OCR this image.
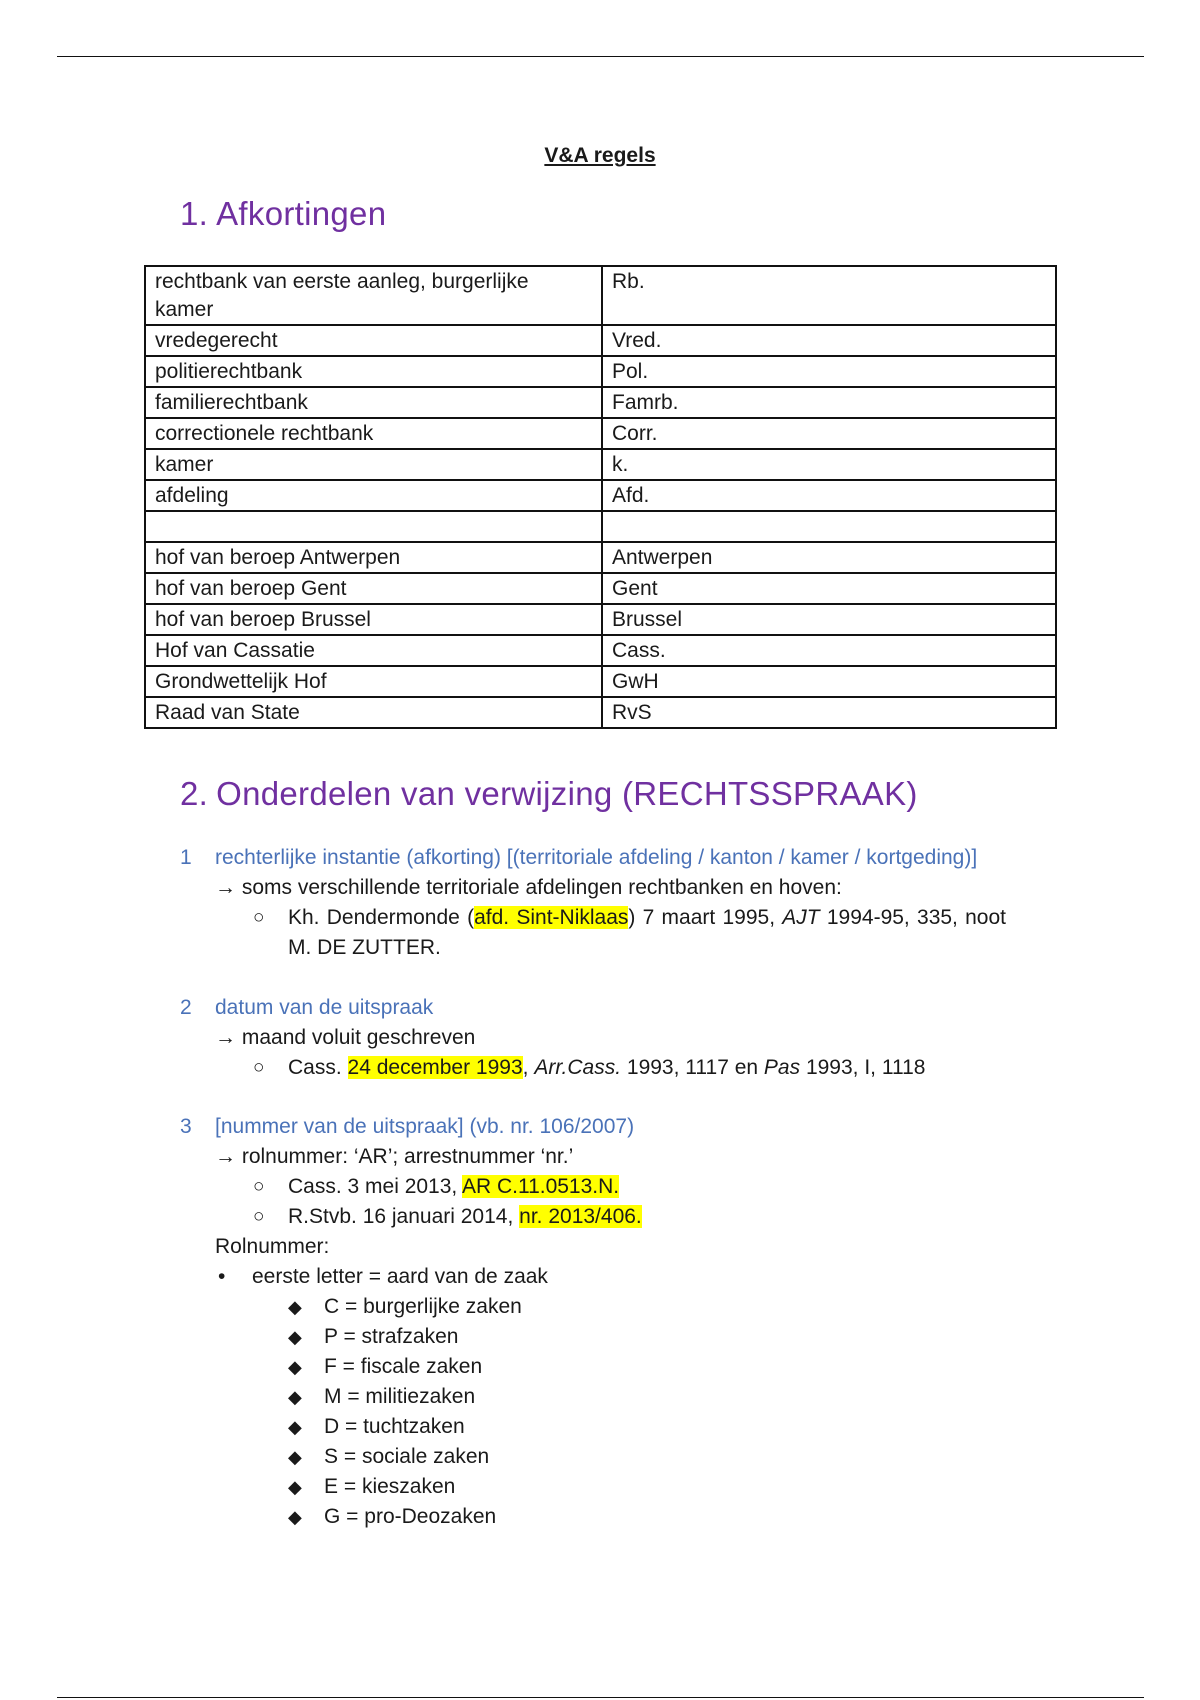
V&A regels
1. Afkortingen
rechtbank van eerste aanleg, burgerlijke kamer	Rb.
vredegerecht	Vred.
politierechtbank	Pol.
familierechtbank	Famrb.
correctionele rechtbank	Corr.
kamer	k.
afdeling	Afd.

hof van beroep Antwerpen	Antwerpen
hof van beroep Gent	Gent
hof van beroep Brussel	Brussel
Hof van Cassatie	Cass.
Grondwettelijk Hof	GwH
Raad van State	RvS
2. Onderdelen van verwijzing (RECHTSSPRAAK)
1 rechterlijke instantie (afkorting) [(territoriale afdeling / kanton / kamer / kortgeding)]
→ soms verschillende territoriale afdelingen rechtbanken en hoven:
○ Kh. Dendermonde (afd. Sint-Niklaas) 7 maart 1995, AJT 1994-95, 335, noot M. DE ZUTTER.
2 datum van de uitspraak
→ maand voluit geschreven
○ Cass. 24 december 1993, Arr.Cass. 1993, 1117 en Pas 1993, I, 1118
3 [nummer van de uitspraak] (vb. nr. 106/2007)
→ rolnummer: ‘AR’; arrestnummer ‘nr.’
○ Cass. 3 mei 2013, AR C.11.0513.N.
○ R.Stvb. 16 januari 2014, nr. 2013/406.
Rolnummer:
• eerste letter = aard van de zaak
◆ C = burgerlijke zaken
◆ P = strafzaken
◆ F = fiscale zaken
◆ M = militiezaken
◆ D = tuchtzaken
◆ S = sociale zaken
◆ E = kieszaken
◆ G = pro-Deozaken
